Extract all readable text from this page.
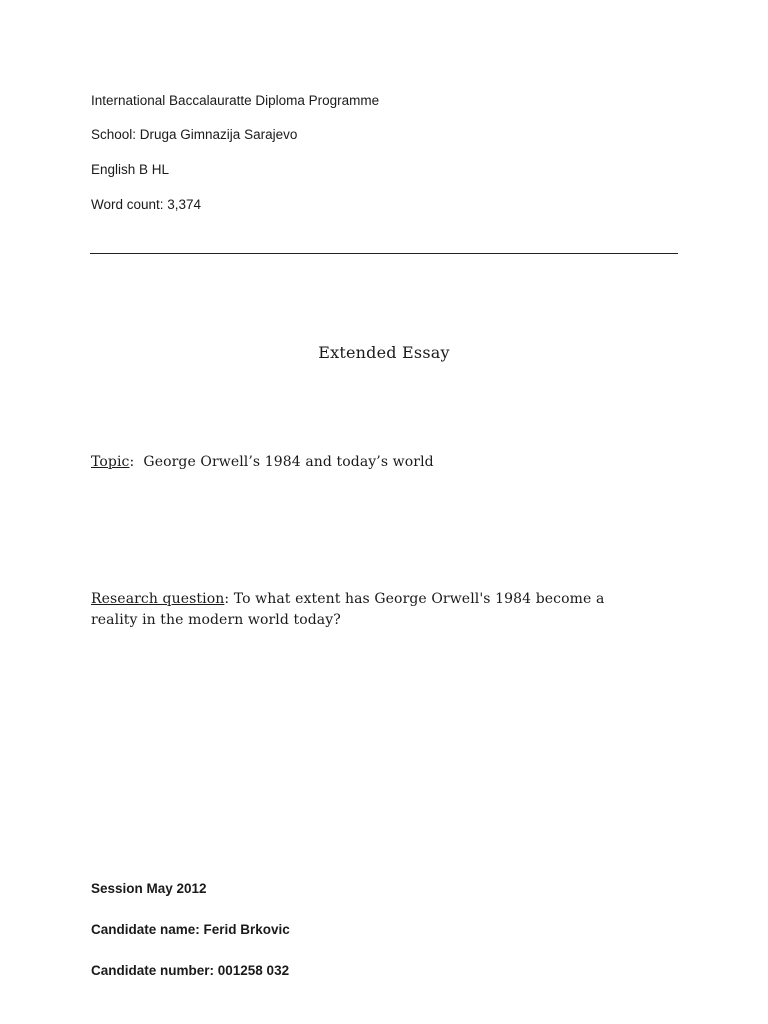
International Baccalauratte Diploma Programme
School: Druga Gimnazija Sarajevo
English B HL
Word count: 3,374
Extended Essay
Topic: George Orwell’s 1984 and today’s world
Research question: To what extent has George Orwell's 1984 become a
reality in the modern world today?
Session May 2012
Candidate name: Ferid Brkovic
Candidate number: 001258 032
